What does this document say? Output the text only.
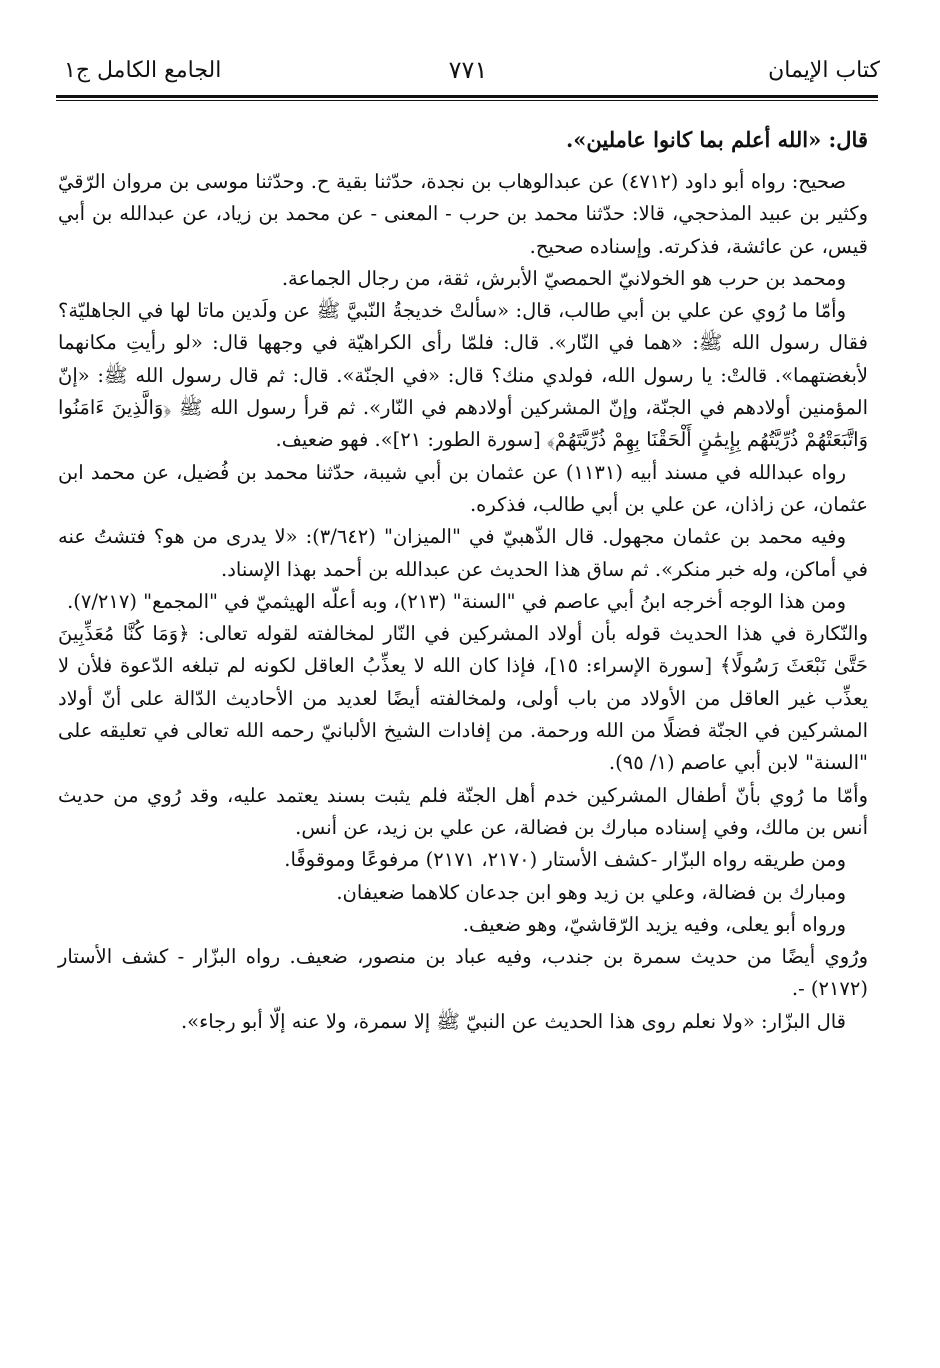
كتاب الإيمان
٧٧١
الجامع الكامل ج١

قال: «الله أعلم بما كانوا عاملين».

صحيح: رواه أبو داود (٤٧١٢) عن عبدالوهاب بن نجدة، حدّثنا بقية ح. وحدّثنا موسى بن مروان الرّقيّ وكثير بن عبيد المذحجي، قالا: حدّثنا محمد بن حرب - المعنى - عن محمد بن زياد، عن عبدالله بن أبي قيس، عن عائشة، فذكرته. وإسناده صحيح.

ومحمد بن حرب هو الخولانيّ الحمصيّ الأبرش، ثقة، من رجال الجماعة.

وأمّا ما رُوي عن علي بن أبي طالب، قال: «سألتْ خديجةُ النّبيَّ ﷺ عن ولَدين ماتا لها في الجاهليّة؟ فقال رسول الله ﷺ: «هما في النّار». قال: فلمّا رأى الكراهيّة في وجهها قال: «لو رأيتِ مكانهما لأبغضتهما». قالتْ: يا رسول الله، فولدي منك؟ قال: «في الجنّة». قال: ثم قال رسول الله ﷺ: «إنّ المؤمنين أولادهم في الجنّة، وإنّ المشركين أولادهم في النّار». ثم قرأ رسول الله ﷺ ﴿وَالَّذِينَ ءَامَنُوا وَاتَّبَعَتْهُمْ ذُرِّيَّتُهُم بِإِيمَٰنٍ أَلْحَقْنَا بِهِمْ ذُرِّيَّتَهُمْ﴾ [سورة الطور: ٢١]». فهو ضعيف.

رواه عبدالله في مسند أبيه (١١٣١) عن عثمان بن أبي شيبة، حدّثنا محمد بن فُضيل، عن محمد ابن عثمان، عن زاذان، عن علي بن أبي طالب، فذكره.

وفيه محمد بن عثمان مجهول. قال الذّهبيّ في "الميزان" (٣/٦٤٢): «لا يدرى من هو؟ فتشتُ عنه في أماكن، وله خبر منكر». ثم ساق هذا الحديث عن عبدالله بن أحمد بهذا الإسناد.

ومن هذا الوجه أخرجه ابنُ أبي عاصم في "السنة" (٢١٣)، وبه أعلّه الهيثميّ في "المجمع" (٧/٢١٧).

والنّكارة في هذا الحديث قوله بأن أولاد المشركين في النّار لمخالفته لقوله تعالى: ﴿وَمَا كُنَّا مُعَذِّبِينَ حَتَّىٰ نَبْعَثَ رَسُولًا﴾ [سورة الإسراء: ١٥]، فإذا كان الله لا يعذِّبُ العاقل لكونه لم تبلغه الدّعوة فلأن لا يعذِّب غير العاقل من الأولاد من باب أولى، ولمخالفته أيضًا لعديد من الأحاديث الدّالة على أنّ أولاد المشركين في الجنّة فضلًا من الله ورحمة. من إفادات الشيخ الألبانيّ رحمه الله تعالى في تعليقه على "السنة" لابن أبي عاصم (١/ ٩٥).

وأمّا ما رُوي بأنّ أطفال المشركين خدم أهل الجنّة فلم يثبت بسند يعتمد عليه، وقد رُوي من حديث أنس بن مالك، وفي إسناده مبارك بن فضالة، عن علي بن زيد، عن أنس.

ومن طريقه رواه البزّار -كشف الأستار (٢١٧٠، ٢١٧١) مرفوعًا وموقوفًا.

ومبارك بن فضالة، وعلي بن زيد وهو ابن جدعان كلاهما ضعيفان.

ورواه أبو يعلى، وفيه يزيد الرّقاشيّ، وهو ضعيف.

ورُوي أيضًا من حديث سمرة بن جندب، وفيه عباد بن منصور، ضعيف. رواه البزّار - كشف الأستار (٢١٧٢) -.

قال البزّار: «ولا نعلم روى هذا الحديث عن النبيّ ﷺ إلا سمرة، ولا عنه إلّا أبو رجاء».
